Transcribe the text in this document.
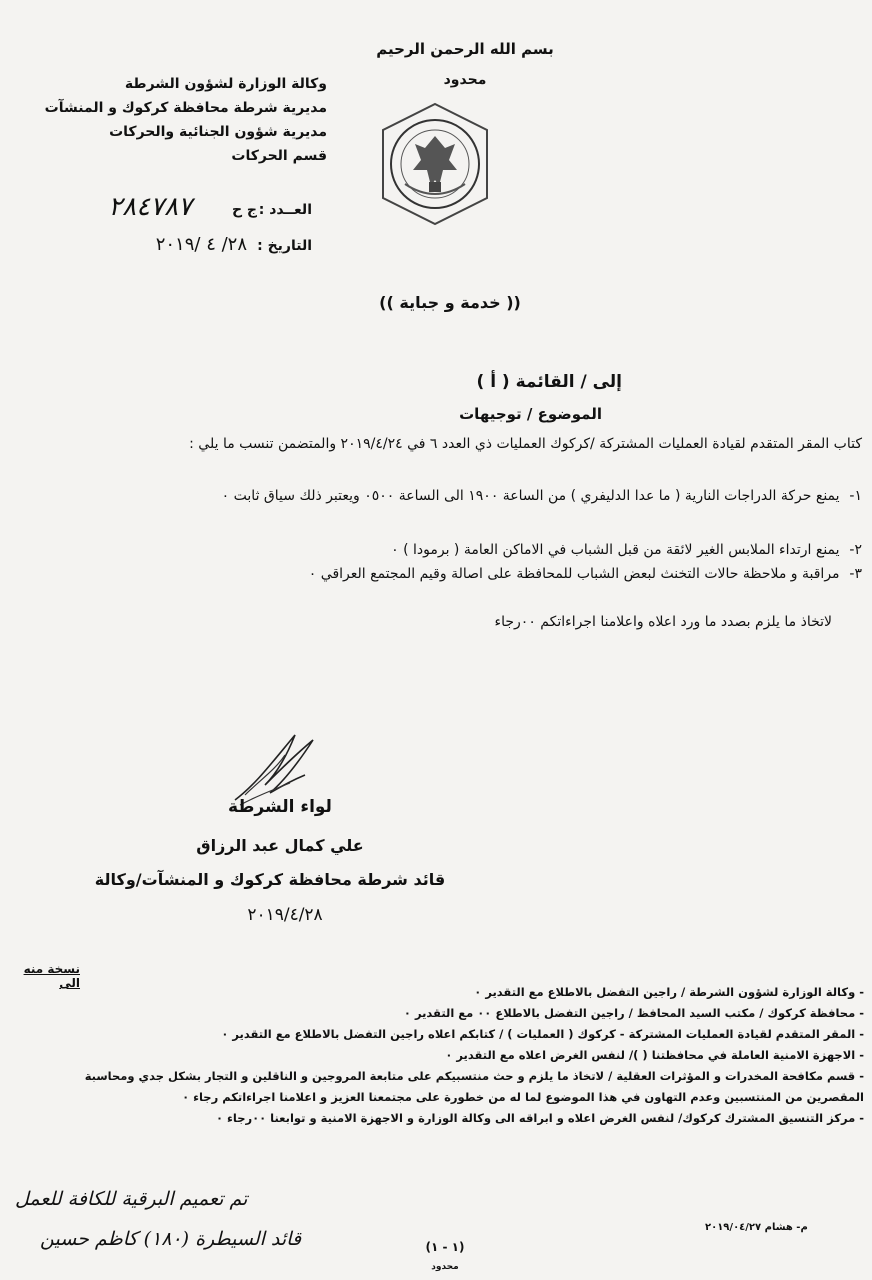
بسم الله الرحمن الرحيم
محدود
وكالة الوزارة لشؤون الشرطة
مديرية شرطة محافظة كركوك و المنشآت
مديرية شؤون الجنائية والحركات
قسم الحركات
العــدد :
ج ح
٢٨٤٧٨٧
التاريخ :
٢٨/ ٤ /٢٠١٩
(( خدمة و جباية ))
إلى / القائمة ( أ )
الموضوع / توجيهات
كتاب المقر المتقدم لقيادة العمليات المشتركة /كركوك العمليات ذي العدد ٦ في ٢٠١٩/٤/٢٤ والمتضمن تنسب ما يلي :
١- يمنع حركة الدراجات النارية ( ما عدا الدليفري ) من الساعة ١٩٠٠ الى الساعة ٠٥٠٠ ويعتبر ذلك سياق ثابت ٠
٢- يمنع ارتداء الملابس الغير لائقة من قبل الشباب في الاماكن العامة ( برمودا ) ٠
٣- مراقبة و ملاحظة حالات التخنث لبعض الشباب للمحافظة على اصالة وقيم المجتمع العراقي ٠
لاتخاذ ما يلزم بصدد ما ورد اعلاه واعلامنا اجراءاتكم ٠٠رجاء
لواء الشرطة
علي كمال عبد الرزاق
قائد شرطة محافظة كركوك و المنشآت/وكالة
٢٠١٩/٤/٢٨
نسخة منه الى
- وكالة الوزارة لشؤون الشرطة / راجين التفضل بالاطلاع مع التقدير ٠
- محافظة كركوك / مكتب السيد المحافظ / راجين التفضل بالاطلاع ٠٠ مع التقدير ٠
- المقر المتقدم لقيادة العمليات المشتركة - كركوك ( العمليات ) / كتابكم اعلاه راجين التفضل بالاطلاع مع التقدير ٠
- الاجهزة الامنية العاملة في محافظتنا ( )/ لنفس الغرض اعلاه مع التقدير ٠
- قسم مكافحة المخدرات و المؤثرات العقلية / لاتخاذ ما يلزم و حث منتسبيكم على متابعة المروجين و الناقلين و التجار بشكل جدي ومحاسبة المقصرين من المنتسبين وعدم التهاون في هذا الموضوع لما له من خطورة على مجتمعنا العزيز و اعلامنا اجراءاتكم رجاء ٠
- مركز التنسيق المشترك كركوك/ لنفس الغرض اعلاه و ابراقه الى وكالة الوزارة و الاجهزة الامنية و توابعنا ٠٠رجاء ٠
تم تعميم البرقية للكافة للعمل
قائد السيطرة (١٨٠) كاظم حسين
م- هشام ٢٠١٩/٠٤/٢٧
(١ - ١)
محدود
